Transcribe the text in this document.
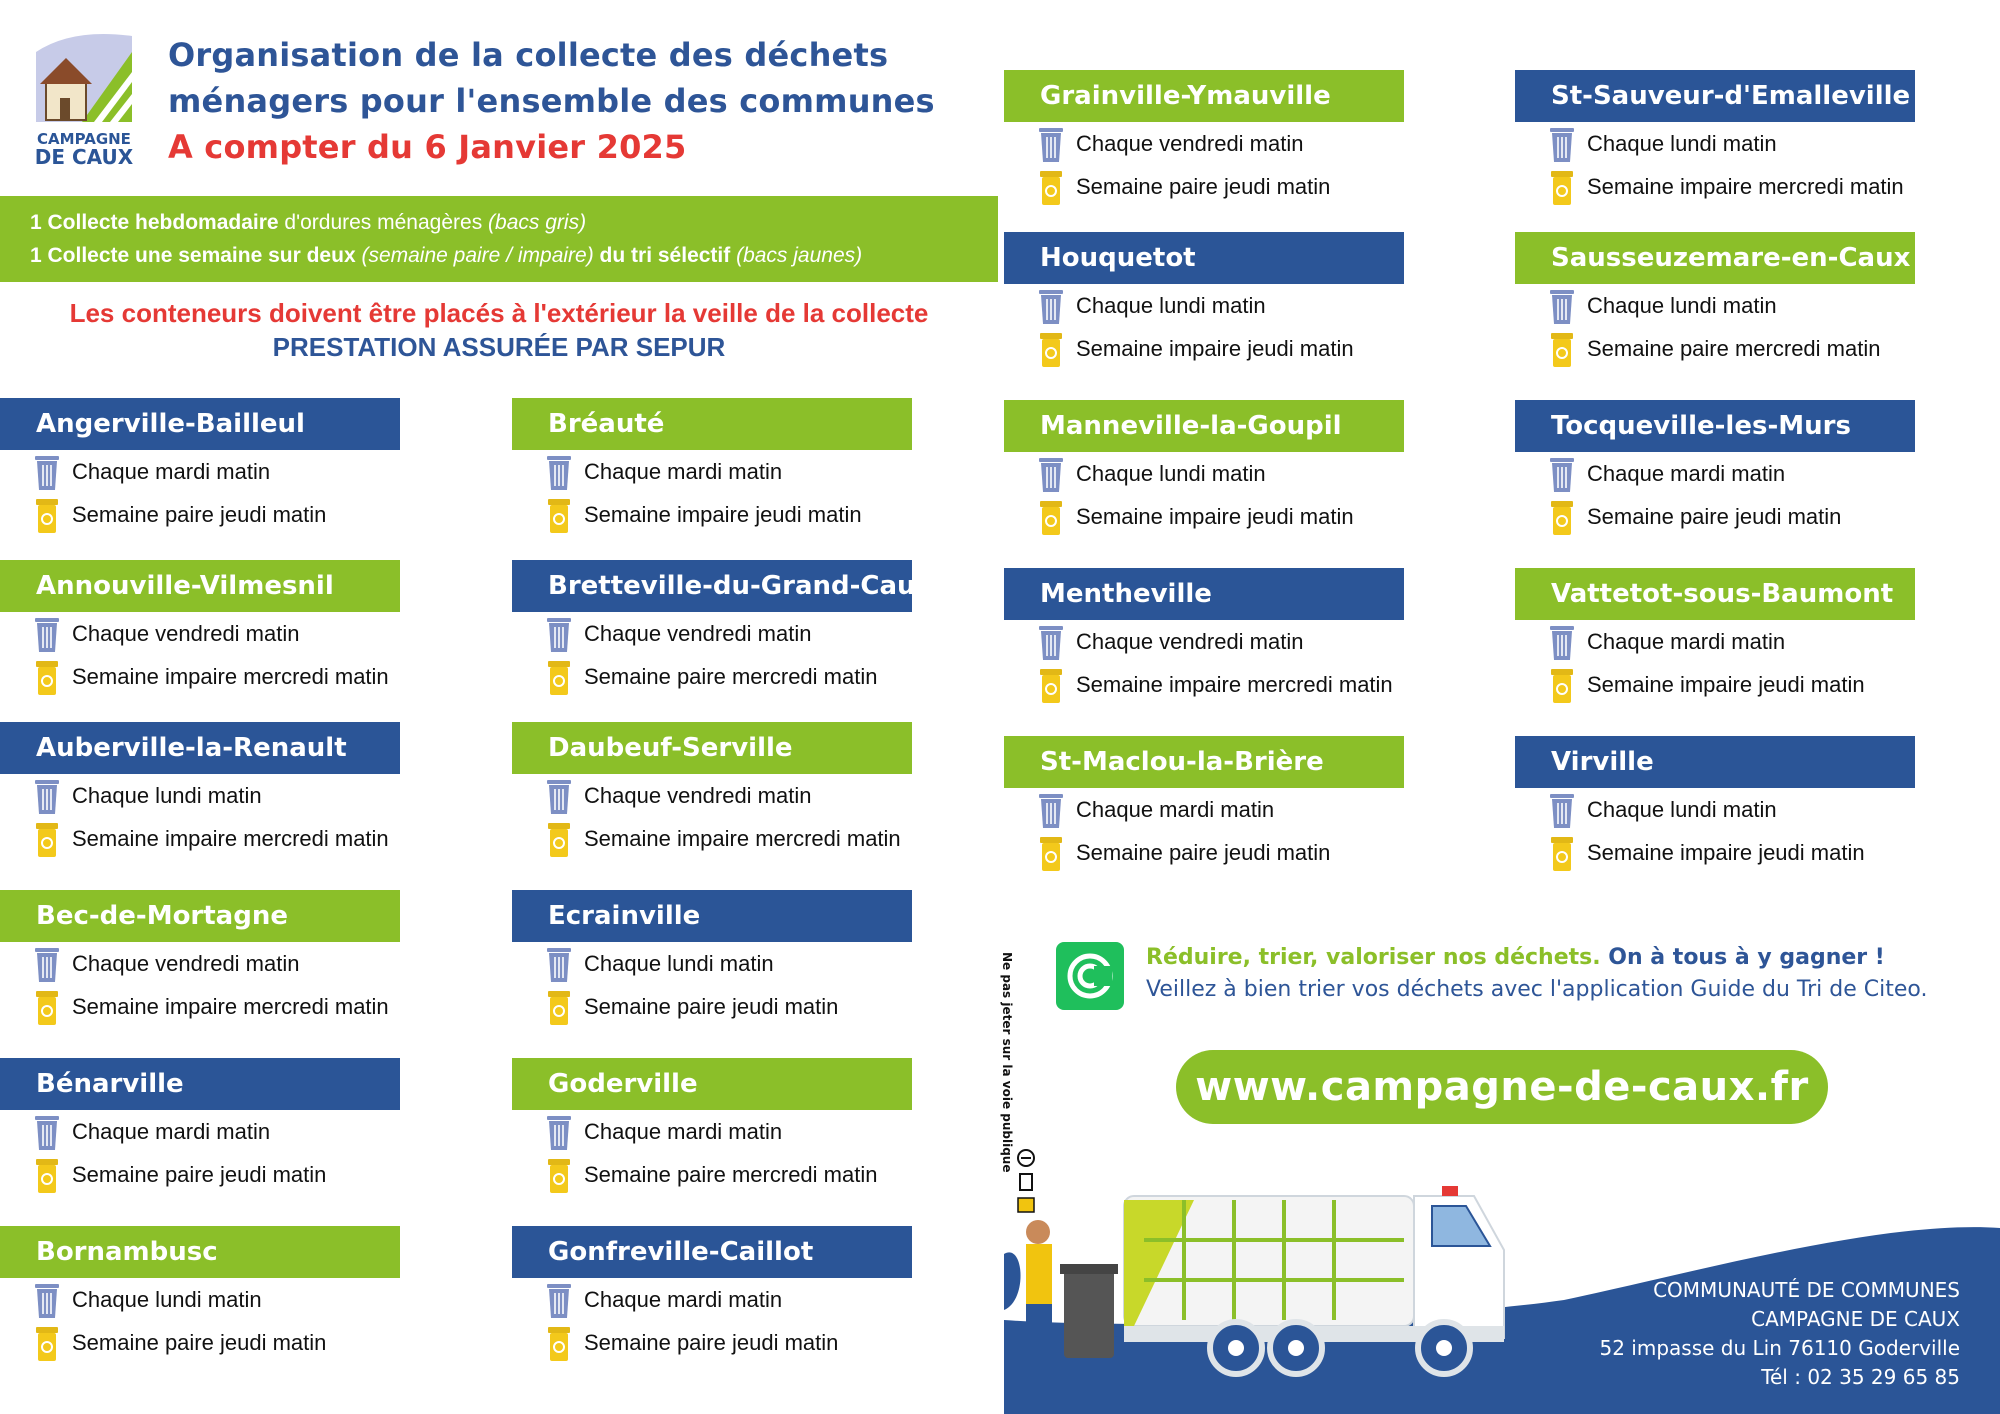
CAMPAGNE
DE CAUX
Organisation de la collecte des déchets
ménagers pour l'ensemble des communes
A compter du 6 Janvier 2025
1 Collecte hebdomadaire d'ordures ménagères (bacs gris)
1 Collecte une semaine sur deux (semaine paire / impaire) du tri sélectif (bacs jaunes)
Les conteneurs doivent être placés à l'extérieur la veille de la collecte
PRESTATION ASSURÉE PAR SEPUR
Angerville-Bailleul
Chaque mardi matin
Semaine paire jeudi matin
Annouville-Vilmesnil
Chaque vendredi matin
Semaine impaire mercredi matin
Auberville-la-Renault
Chaque lundi matin
Semaine impaire mercredi matin
Bec-de-Mortagne
Chaque vendredi matin
Semaine impaire mercredi matin
Bénarville
Chaque mardi matin
Semaine paire jeudi matin
Bornambusc
Chaque lundi matin
Semaine paire jeudi matin
Bréauté
Chaque mardi matin
Semaine impaire jeudi matin
Bretteville-du-Grand-Caux
Chaque vendredi matin
Semaine paire mercredi matin
Daubeuf-Serville
Chaque vendredi matin
Semaine impaire mercredi matin
Ecrainville
Chaque lundi matin
Semaine paire jeudi matin
Goderville
Chaque mardi matin
Semaine paire mercredi matin
Gonfreville-Caillot
Chaque mardi matin
Semaine paire jeudi matin
Grainville-Ymauville
Chaque vendredi matin
Semaine paire jeudi matin
Houquetot
Chaque lundi matin
Semaine impaire jeudi matin
Manneville-la-Goupil
Chaque lundi matin
Semaine impaire jeudi matin
Mentheville
Chaque vendredi matin
Semaine impaire mercredi matin
St-Maclou-la-Brière
Chaque mardi matin
Semaine paire jeudi matin
St-Sauveur-d'Emalleville
Chaque lundi matin
Semaine impaire mercredi matin
Sausseuzemare-en-Caux
Chaque lundi matin
Semaine paire mercredi matin
Tocqueville-les-Murs
Chaque mardi matin
Semaine paire jeudi matin
Vattetot-sous-Baumont
Chaque mardi matin
Semaine impaire jeudi matin
Virville
Chaque lundi matin
Semaine impaire jeudi matin
Ne pas jeter sur la voie publique	Réduire, trier, valoriser nos déchets. On à tous à y gagner !
Veillez à bien trier vos déchets avec l'application Guide du Tri de Citeo.
www.campagne-de-caux.fr
COMMUNAUTÉ DE COMMUNES
CAMPAGNE DE CAUX
52 impasse du Lin 76110 Goderville
Tél : 02 35 29 65 85
